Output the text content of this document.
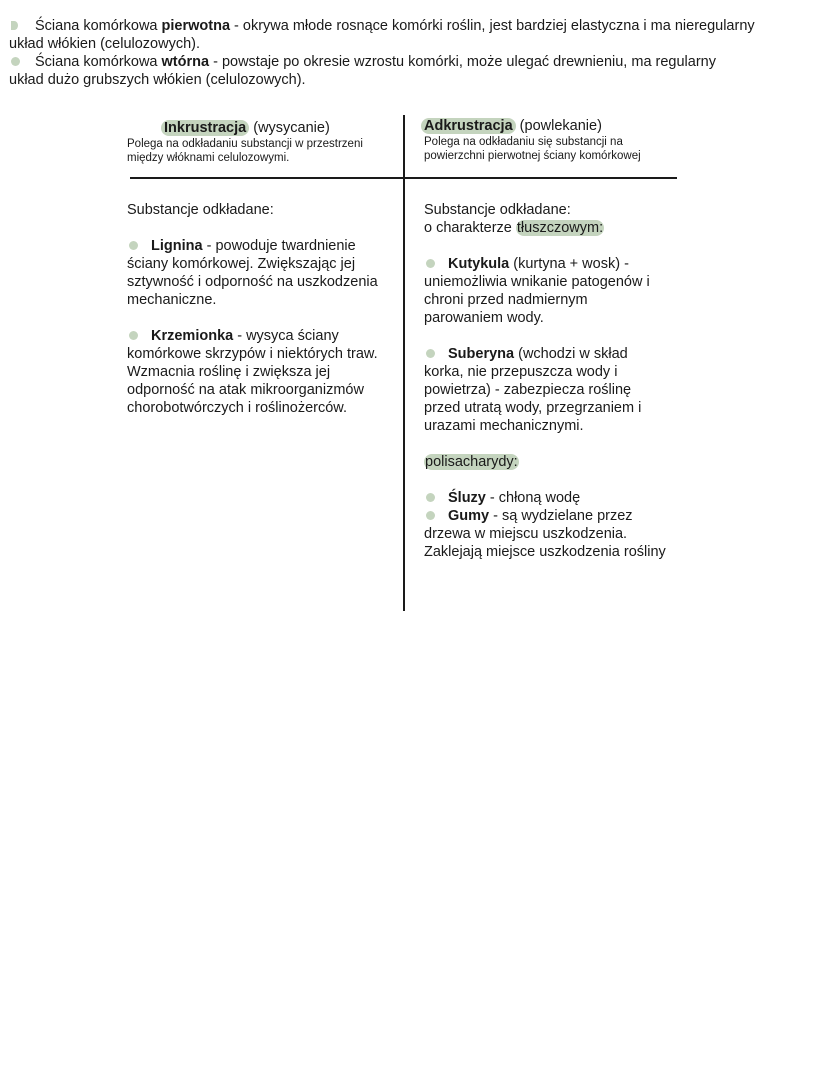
Ściana komórkowa pierwotna - okrywa młode rosnące komórki roślin, jest bardziej elastyczna i ma nieregularny

układ włókien (celulozowych).

Ściana komórkowa wtórna - powstaje po okresie wzrostu komórki, może ulegać drewnieniu, ma regularny

układ dużo grubszych włókien (celulozowych).

Inkrustracja (wysycanie)
Polega na odkładaniu substancji w przestrzeni
między włóknami celulozowymi.
Adkrustracja (powlekanie)
Polega na odkładaniu się substancji na
powierzchni pierwotnej ściany komórkowej

Substancje odkładane:

Lignina - powoduje twardnienie

ściany komórkowej. Zwiększając jej

sztywność i odporność na uszkodzenia

mechaniczne.

Krzemionka - wysyca ściany

komórkowe skrzypów i niektórych traw.

Wzmacnia roślinę i zwiększa jej

odporność na atak mikroorganizmów

chorobotwórczych i roślinożerców.

Substancje odkładane:

o charakterze tłuszczowym:

Kutykula (kurtyna + wosk) -

uniemożliwia wnikanie patogenów i

chroni przed nadmiernym

parowaniem wody.

Suberyna (wchodzi w skład

korka, nie przepuszcza wody i

powietrza) - zabezpiecza roślinę

przed utratą wody, przegrzaniem i

urazami mechanicznymi.

polisacharydy:

Śluzy - chłoną wodę

Gumy - są wydzielane przez

drzewa w miejscu uszkodzenia.

Zaklejają miejsce uszkodzenia rośliny
